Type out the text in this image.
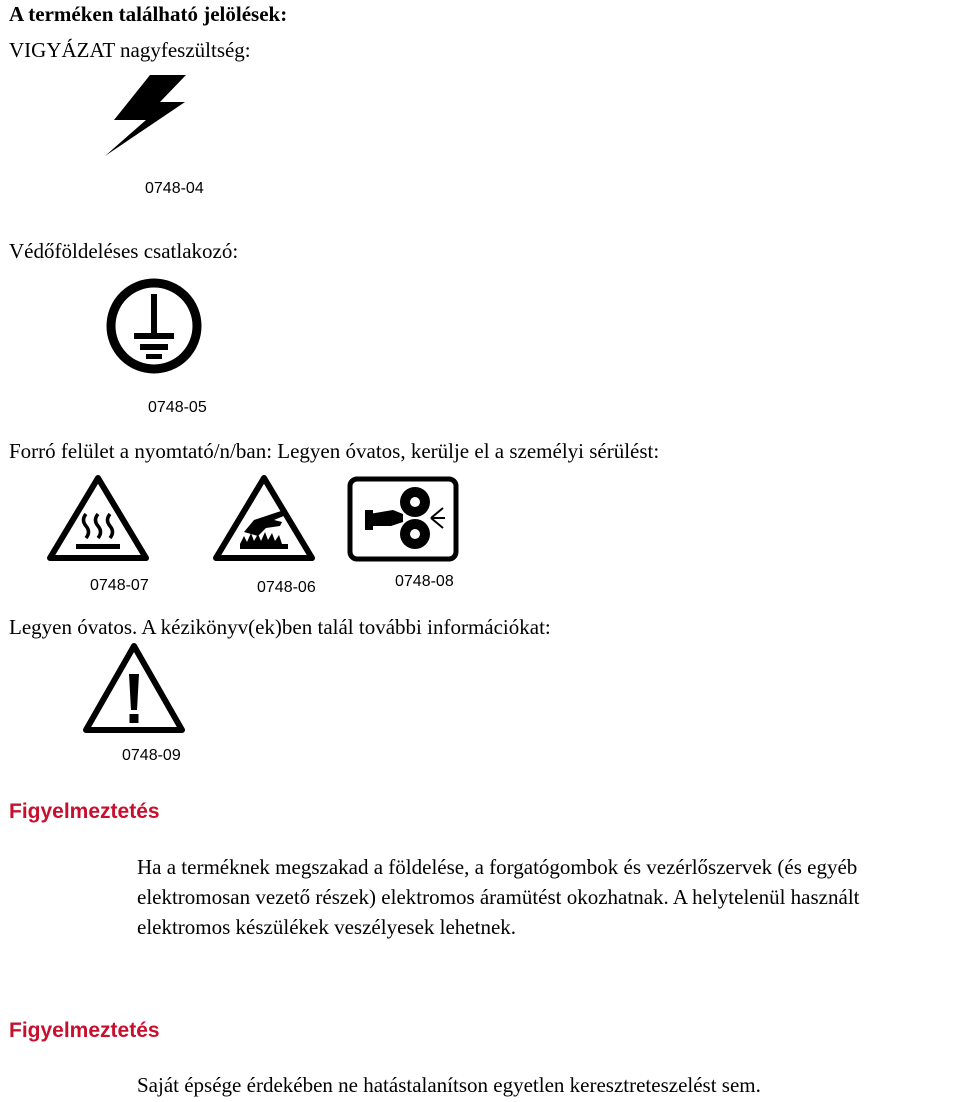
A terméken található jelölések:
VIGYÁZAT nagyfeszültség:
0748-04
Védőföldeléses csatlakozó:
0748-05
Forró felület a nyomtató/n/ban: Legyen óvatos, kerülje el a személyi sérülést:
0748-07	0748-06	0748-08
Legyen óvatos. A kézikönyv(ek)ben talál további információkat:
0748-09
Figyelmeztetés
Ha a terméknek megszakad a földelése, a forgatógombok és vezérlőszervek (és egyéb
elektromosan vezető részek) elektromos áramütést okozhatnak. A helytelenül használt
elektromos készülékek veszélyesek lehetnek.
Figyelmeztetés
Saját épsége érdekében ne hatástalanítson egyetlen keresztreteszelést sem.
